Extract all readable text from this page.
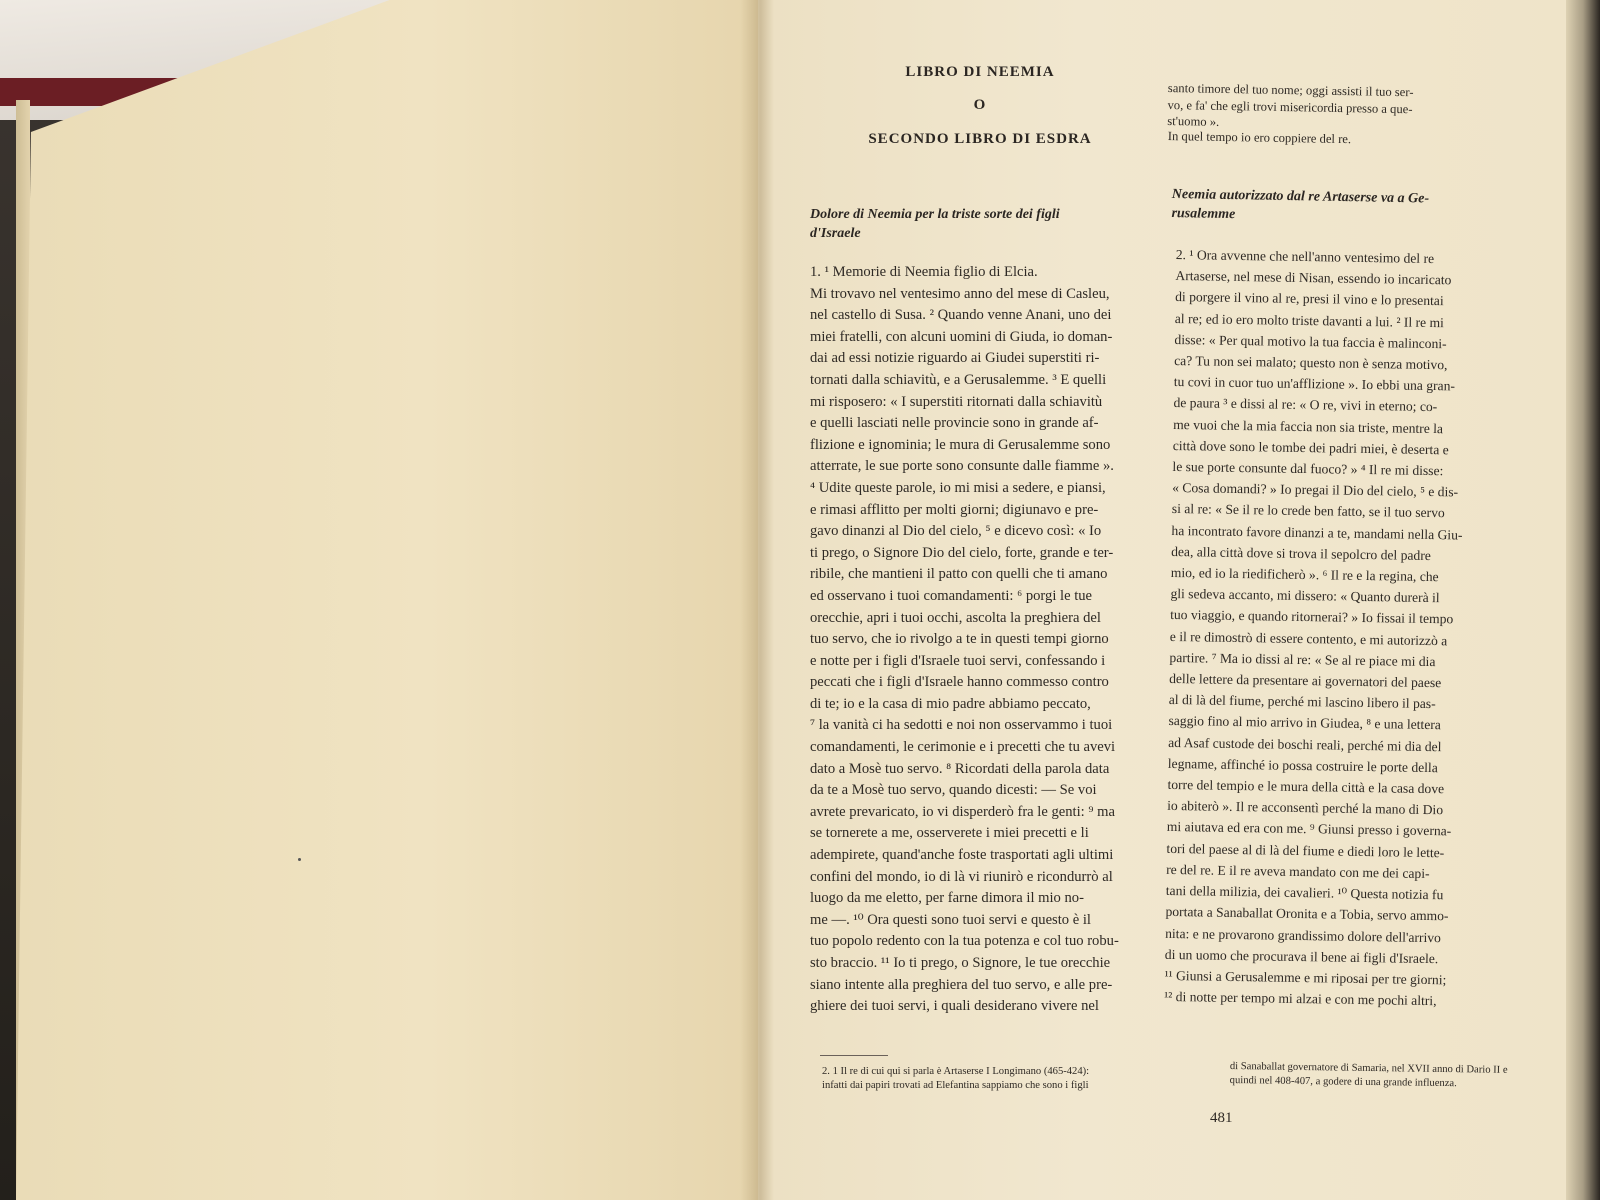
LIBRO DI NEEMIA
O
SECONDO LIBRO DI ESDRA
Dolore di Neemia per la triste sorte dei figli
d'Israele
1. ¹ Memorie di Neemia figlio di Elcia.
Mi trovavo nel ventesimo anno del mese di Casleu,
nel castello di Susa. ² Quando venne Anani, uno dei
miei fratelli, con alcuni uomini di Giuda, io doman-
dai ad essi notizie riguardo ai Giudei superstiti ri-
tornati dalla schiavitù, e a Gerusalemme. ³ E quelli
mi risposero: « I superstiti ritornati dalla schiavitù
e quelli lasciati nelle provincie sono in grande af-
flizione e ignominia; le mura di Gerusalemme sono
atterrate, le sue porte sono consunte dalle fiamme ».
⁴ Udite queste parole, io mi misi a sedere, e piansi,
e rimasi afflitto per molti giorni; digiunavo e pre-
gavo dinanzi al Dio del cielo, ⁵ e dicevo così: « Io
ti prego, o Signore Dio del cielo, forte, grande e ter-
ribile, che mantieni il patto con quelli che ti amano
ed osservano i tuoi comandamenti: ⁶ porgi le tue
orecchie, apri i tuoi occhi, ascolta la preghiera del
tuo servo, che io rivolgo a te in questi tempi giorno
e notte per i figli d'Israele tuoi servi, confessando i
peccati che i figli d'Israele hanno commesso contro
di te; io e la casa di mio padre abbiamo peccato,
⁷ la vanità ci ha sedotti e noi non osservammo i tuoi
comandamenti, le cerimonie e i precetti che tu avevi
dato a Mosè tuo servo. ⁸ Ricordati della parola data
da te a Mosè tuo servo, quando dicesti: — Se voi
avrete prevaricato, io vi disperderò fra le genti: ⁹ ma
se tornerete a me, osserverete i miei precetti e li
adempirete, quand'anche foste trasportati agli ultimi
confini del mondo, io di là vi riunirò e ricondurrò al
luogo da me eletto, per farne dimora il mio no-
me —. ¹⁰ Ora questi sono tuoi servi e questo è il
tuo popolo redento con la tua potenza e col tuo robu-
sto braccio. ¹¹ Io ti prego, o Signore, le tue orecchie
siano intente alla preghiera del tuo servo, e alle pre-
ghiere dei tuoi servi, i quali desiderano vivere nel
santo timore del tuo nome; oggi assisti il tuo ser-
vo, e fa' che egli trovi misericordia presso a que-
st'uomo ».
In quel tempo io ero coppiere del re.
Neemia autorizzato dal re Artaserse va a Ge-
rusalemme
2. ¹ Ora avvenne che nell'anno ventesimo del re
Artaserse, nel mese di Nisan, essendo io incaricato
di porgere il vino al re, presi il vino e lo presentai
al re; ed io ero molto triste davanti a lui. ² Il re mi
disse: « Per qual motivo la tua faccia è malinconi-
ca? Tu non sei malato; questo non è senza motivo,
tu covi in cuor tuo un'afflizione ». Io ebbi una gran-
de paura ³ e dissi al re: « O re, vivi in eterno; co-
me vuoi che la mia faccia non sia triste, mentre la
città dove sono le tombe dei padri miei, è deserta e
le sue porte consunte dal fuoco? » ⁴ Il re mi disse:
« Cosa domandi? » Io pregai il Dio del cielo, ⁵ e dis-
si al re: « Se il re lo crede ben fatto, se il tuo servo
ha incontrato favore dinanzi a te, mandami nella Giu-
dea, alla città dove si trova il sepolcro del padre
mio, ed io la riedificherò ». ⁶ Il re e la regina, che
gli sedeva accanto, mi dissero: « Quanto durerà il
tuo viaggio, e quando ritornerai? » Io fissai il tempo
e il re dimostrò di essere contento, e mi autorizzò a
partire. ⁷ Ma io dissi al re: « Se al re piace mi dia
delle lettere da presentare ai governatori del paese
al di là del fiume, perché mi lascino libero il pas-
saggio fino al mio arrivo in Giudea, ⁸ e una lettera
ad Asaf custode dei boschi reali, perché mi dia del
legname, affinché io possa costruire le porte della
torre del tempio e le mura della città e la casa dove
io abiterò ». Il re acconsentì perché la mano di Dio
mi aiutava ed era con me. ⁹ Giunsi presso i governa-
tori del paese al di là del fiume e diedi loro le lette-
re del re. E il re aveva mandato con me dei capi-
tani della milizia, dei cavalieri. ¹⁰ Questa notizia fu
portata a Sanaballat Oronita e a Tobia, servo ammo-
nita: e ne provarono grandissimo dolore dell'arrivo
di un uomo che procurava il bene ai figli d'Israele.
¹¹ Giunsi a Gerusalemme e mi riposai per tre giorni;
¹² di notte per tempo mi alzai e con me pochi altri,
2. 1 Il re di cui qui si parla è Artaserse I Longimano (465-424):
infatti dai papiri trovati ad Elefantina sappiamo che sono i figli
di Sanaballat governatore di Samaria, nel XVII anno di Dario II e
quindi nel 408-407, a godere di una grande influenza.
481
